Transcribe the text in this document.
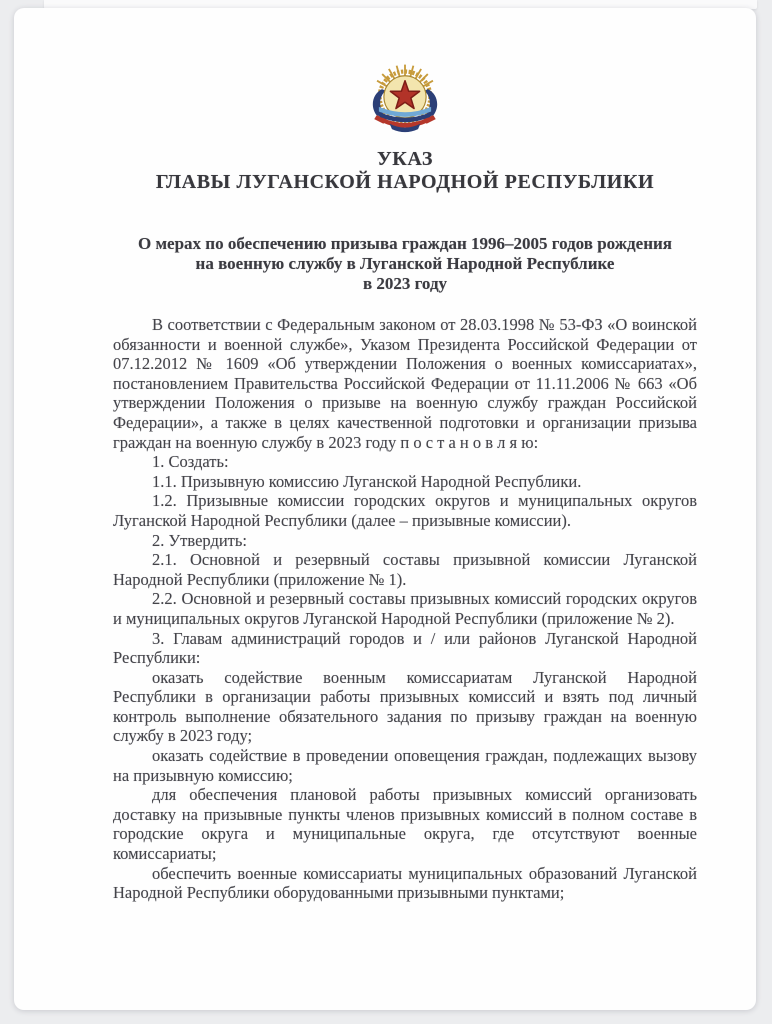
УКАЗ
ГЛАВЫ ЛУГАНСКОЙ НАРОДНОЙ РЕСПУБЛИКИ
О мерах по обеспечению призыва граждан 1996–2005 годов рождения
на военную службу в Луганской Народной Республике
в 2023 году

В соответствии с Федеральным законом от 28.03.1998 № 53-ФЗ «О воинской обязанности и военной службе», Указом Президента Российской Федерации от 07.12.2012 № 1609 «Об утверждении Положения о военных комиссариатах», постановлением Правительства Российской Федерации от 11.11.2006 № 663 «Об утверждении Положения о призыве на военную службу граждан Российской Федерации», а также в целях качественной подготовки и организации призыва граждан на военную службу в 2023 году п о с т а н о в л я ю:

1. Создать:

1.1. Призывную комиссию Луганской Народной Республики.

1.2. Призывные комиссии городских округов и муниципальных округов Луганской Народной Республики (далее – призывные комиссии).

2. Утвердить:

2.1. Основной и резервный составы призывной комиссии Луганской Народной Республики (приложение № 1).

2.2. Основной и резервный составы призывных комиссий городских округов и муниципальных округов Луганской Народной Республики (приложение № 2).

3. Главам администраций городов и / или районов Луганской Народной Республики:

оказать содействие военным комиссариатам Луганской Народной Республики в организации работы призывных комиссий и взять под личный контроль выполнение обязательного задания по призыву граждан на военную службу в 2023 году;

оказать содействие в проведении оповещения граждан, подлежащих вызову на призывную комиссию;

для обеспечения плановой работы призывных комиссий организовать доставку на призывные пункты членов призывных комиссий в полном составе в городские округа и муниципальные округа, где отсутствуют военные комиссариаты;

обеспечить военные комиссариаты муниципальных образований Луганской Народной Республики оборудованными призывными пунктами;
